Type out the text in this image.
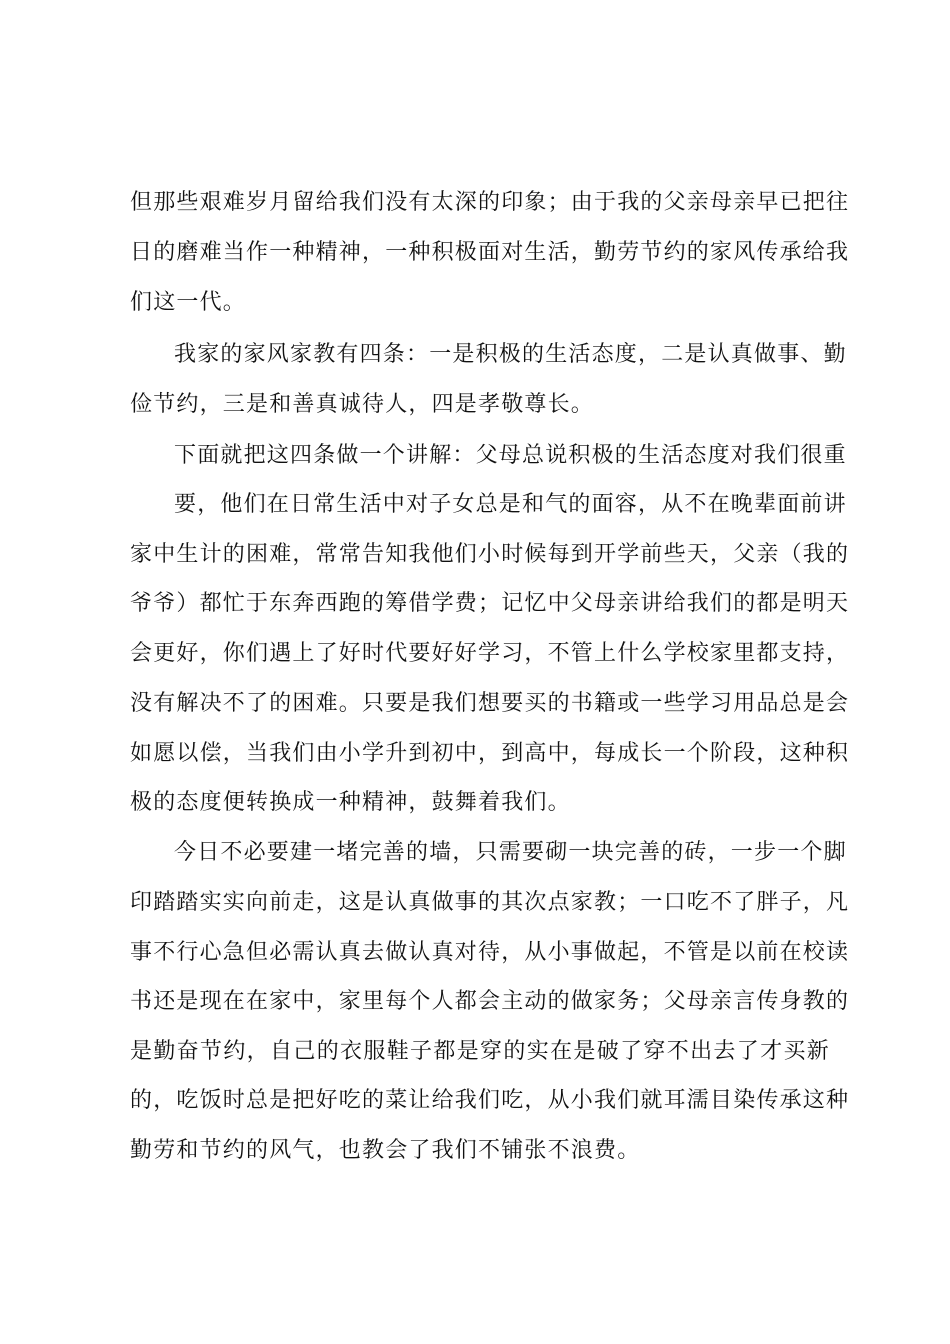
但那些艰难岁月留给我们没有太深的印象；由于我的父亲母亲早已把往
日的磨难当作一种精神，一种积极面对生活，勤劳节约的家风传承给我
们这一代。
我家的家风家教有四条：一是积极的生活态度，二是认真做事、勤
俭节约，三是和善真诚待人，四是孝敬尊长。
下面就把这四条做一个讲解：父母总说积极的生活态度对我们很重
要，他们在日常生活中对子女总是和气的面容，从不在晚辈面前讲
家中生计的困难，常常告知我他们小时候每到开学前些天，父亲（我的
爷爷）都忙于东奔西跑的筹借学费；记忆中父母亲讲给我们的都是明天
会更好，你们遇上了好时代要好好学习，不管上什么学校家里都支持，
没有解决不了的困难。只要是我们想要买的书籍或一些学习用品总是会
如愿以偿，当我们由小学升到初中，到高中，每成长一个阶段，这种积
极的态度便转换成一种精神，鼓舞着我们。
今日不必要建一堵完善的墙，只需要砌一块完善的砖，一步一个脚
印踏踏实实向前走，这是认真做事的其次点家教；一口吃不了胖子，凡
事不行心急但必需认真去做认真对待，从小事做起，不管是以前在校读
书还是现在在家中，家里每个人都会主动的做家务；父母亲言传身教的
是勤奋节约，自己的衣服鞋子都是穿的实在是破了穿不出去了才买新
的，吃饭时总是把好吃的菜让给我们吃，从小我们就耳濡目染传承这种
勤劳和节约的风气，也教会了我们不铺张不浪费。
